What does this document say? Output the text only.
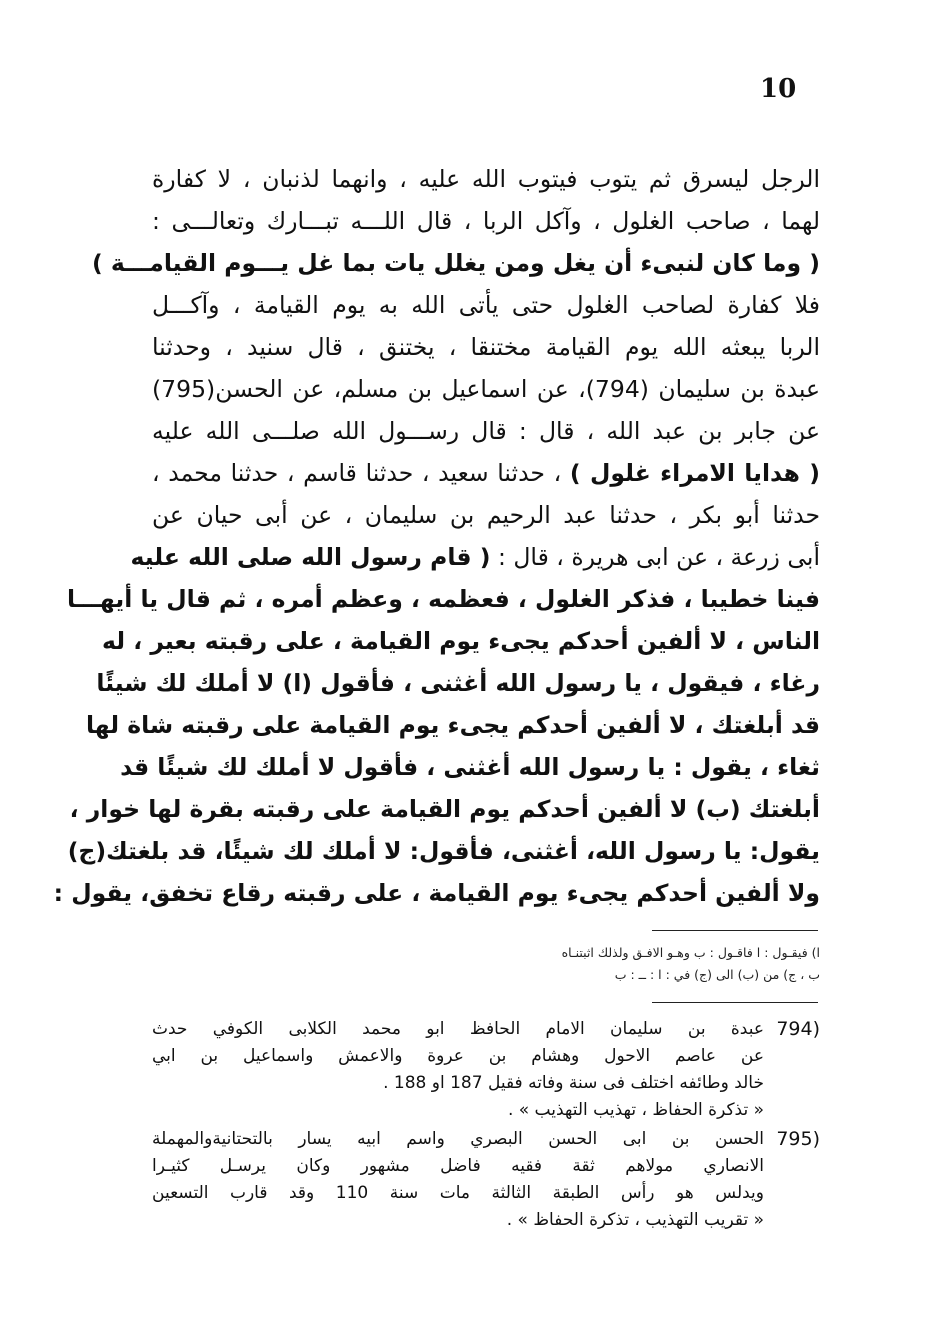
10
الرجل ليسرق ثم يتوب فيتوب الله عليه ، وانهما لذنبان ، لا كفارة
لهما ، صاحب الغلول ، وآكل الربا ، قال اللـــه تبـــارك وتعالـــى :
( وما كان لنبىء أن يغل ومن يغلل يات بما غل يـــوم القيامـــة )
فلا كفارة لصاحب الغلول حتى يأتى الله به يوم القيامة ، وآكـــل
الربا يبعثه الله يوم القيامة مختنقا ، يختنق ، قال سنيد ، وحدثنا
عبدة بن سليمان (794)، عن اسماعيل بن مسلم، عن الحسن(795)
عن جابر بن عبد الله ، قال : قال رســـول الله صلـــى الله عليه
( هدايا الامراء غلول ) ، حدثنا سعيد ، حدثنا قاسم ، حدثنا محمد ،
حدثنا أبو بكر ، حدثنا عبد الرحيم بن سليمان ، عن أبى حيان عن
أبى زرعة ، عن ابى هريرة ، قال : ( قام رسول الله صلى الله عليه
فينا خطيبا ، فذكر الغلول ، فعظمه ، وعظم أمره ، ثم قال يا أيهـــا
الناس ، لا ألفين أحدكم يجىء يوم القيامة ، على رقبته بعير ، له
رغاء ، فيقول ، يا رسول الله أغثنى ، فأقول (ا) لا أملك لك شيئًا
قد أبلغتك ، لا ألفين أحدكم يجىء يوم القيامة على رقبته شاة لها
ثغاء ، يقول : يا رسول الله أغثنى ، فأقول لا أملك لك شيئًا قد
أبلغتك (ب) لا ألفين أحدكم يوم القيامة على رقبته بقرة لها خوار ،
يقول: يا رسول الله، أغثنى، فأقول: لا أملك لك شيئًا، قد بلغتك(ج)
ولا ألفين أحدكم يجىء يوم القيامة ، على رقبته رقاع تخفق، يقول :
ا) فيقـول : ا فاقـول : ب وهـو الافـق ولذلك اثبتنـاه
ب ، ج) من (ب) الى (ج) في : ا : ــ : ب
794)
عبدة بن سليمان الامام الحافظ ابو محمد الكلابى الكوفي حدث
عن عاصم الاحول وهشام بن عروة والاعمش واسماعيل بن ابي
خالد وطائفه اختلف فى سنة وفاته فقيل 187 او 188 .
« تذكرة الحفاظ ، تهذيب التهذيب » .
795)
الحسن بن ابى الحسن البصري واسم ابيه يسار بالتحتانيةوالمهملة
الانصاري مولاهم ثقة فقيه فاضل مشهور وكان يرسـل كثيـرا
ويدلس هو رأس الطبقة الثالثة مات سنة 110 وقد قارب التسعين
« تقريب التهذيب ، تذكرة الحفاظ » .
